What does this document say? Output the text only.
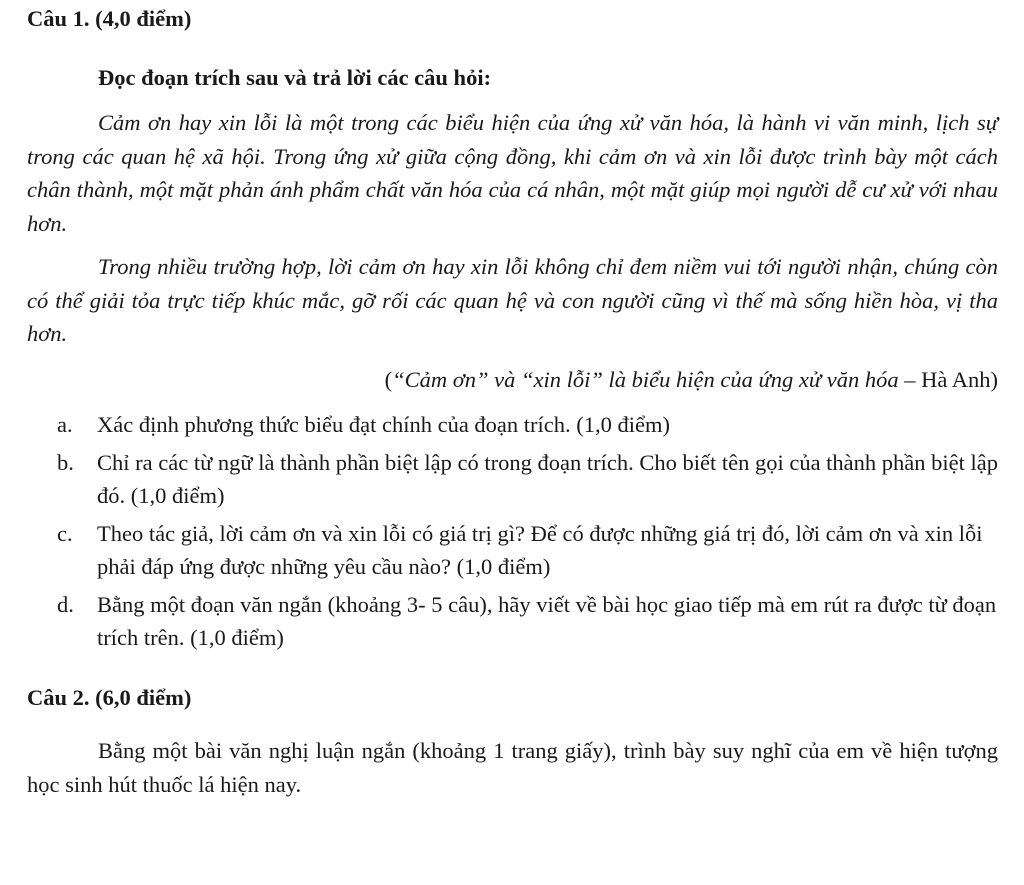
Câu 1. (4,0 điểm)

Đọc đoạn trích sau và trả lời các câu hỏi:

Cảm ơn hay xin lỗi là một trong các biểu hiện của ứng xử văn hóa, là hành vi văn minh, lịch sự trong các quan hệ xã hội. Trong ứng xử giữa cộng đồng, khi cảm ơn và xin lỗi được trình bày một cách chân thành, một mặt phản ánh phẩm chất văn hóa của cá nhân, một mặt giúp mọi người dễ cư xử với nhau hơn.

Trong nhiều trường hợp, lời cảm ơn hay xin lỗi không chỉ đem niềm vui tới người nhận, chúng còn có thể giải tỏa trực tiếp khúc mắc, gỡ rối các quan hệ và con người cũng vì thế mà sống hiền hòa, vị tha hơn.

(“Cảm ơn” và “xin lỗi” là biểu hiện của ứng xử văn hóa – Hà Anh)

a.	Xác định phương thức biểu đạt chính của đoạn trích. (1,0 điểm)
b.	Chỉ ra các từ ngữ là thành phần biệt lập có trong đoạn trích. Cho biết tên gọi của thành phần biệt lập đó. (1,0 điểm)
c.	Theo tác giả, lời cảm ơn và xin lỗi có giá trị gì? Để có được những giá trị đó, lời cảm ơn và xin lỗi phải đáp ứng được những yêu cầu nào? (1,0 điểm)
d.	Bằng một đoạn văn ngắn (khoảng 3- 5 câu), hãy viết về bài học giao tiếp mà em rút ra được từ đoạn trích trên. (1,0 điểm)

Câu 2. (6,0 điểm)

Bằng một bài văn nghị luận ngắn (khoảng 1 trang giấy), trình bày suy nghĩ của em về hiện tượng học sinh hút thuốc lá hiện nay.
